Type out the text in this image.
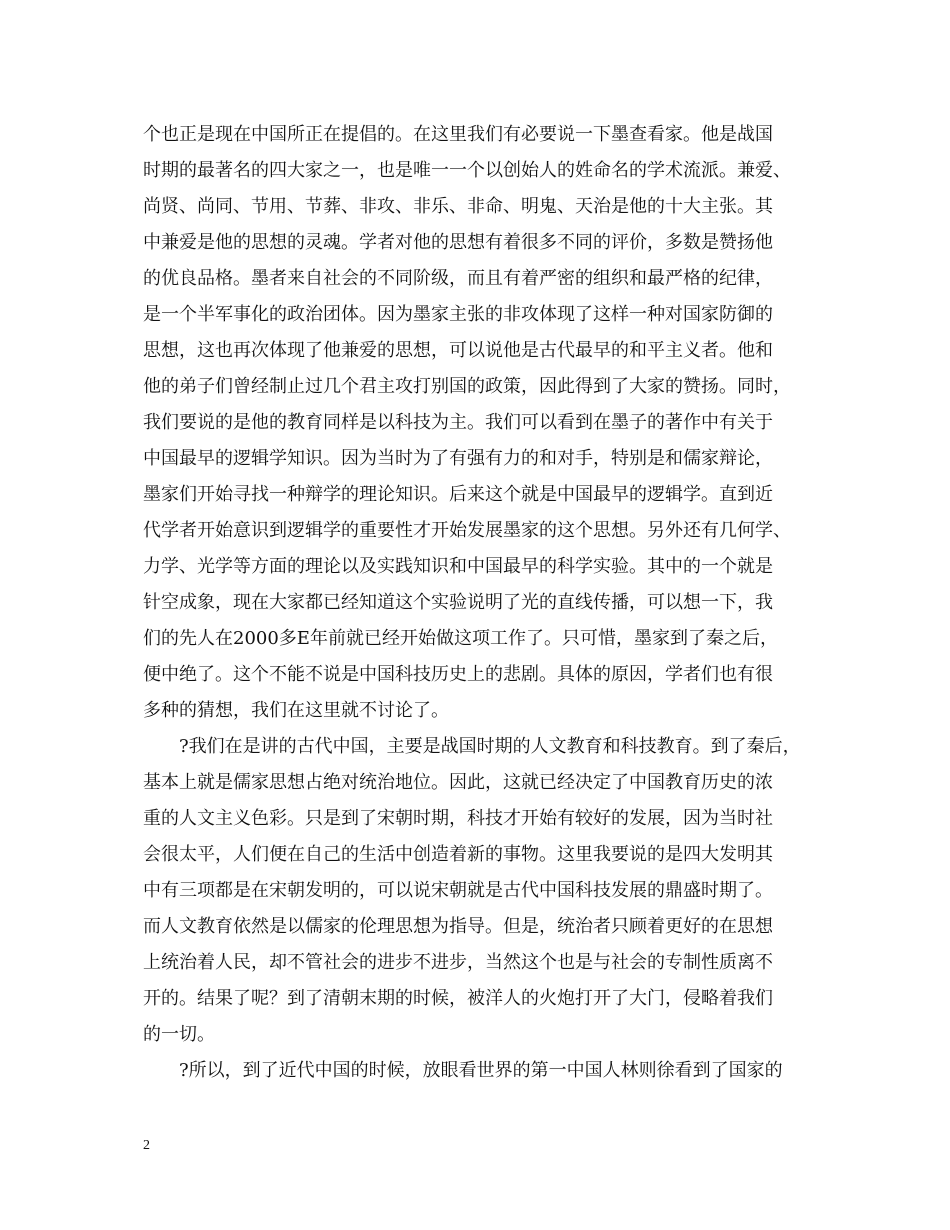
个也正是现在中国所正在提倡的。在这里我们有必要说一下墨查看家。他是战国
时期的最著名的四大家之一，也是唯一一个以创始人的姓命名的学术流派。兼爱、
尚贤、尚同、节用、节葬、非攻、非乐、非命、明鬼、天治是他的十大主张。其
中兼爱是他的思想的灵魂。学者对他的思想有着很多不同的评价，多数是赞扬他
的优良品格。墨者来自社会的不同阶级，而且有着严密的组织和最严格的纪律，
是一个半军事化的政治团体。因为墨家主张的非攻体现了这样一种对国家防御的
思想，这也再次体现了他兼爱的思想，可以说他是古代最早的和平主义者。他和
他的弟子们曾经制止过几个君主攻打别国的政策，因此得到了大家的赞扬。同时，
我们要说的是他的教育同样是以科技为主。我们可以看到在墨子的著作中有关于
中国最早的逻辑学知识。因为当时为了有强有力的和对手，特别是和儒家辩论，
墨家们开始寻找一种辩学的理论知识。后来这个就是中国最早的逻辑学。直到近
代学者开始意识到逻辑学的重要性才开始发展墨家的这个思想。另外还有几何学、
力学、光学等方面的理论以及实践知识和中国最早的科学实验。其中的一个就是
针空成象，现在大家都已经知道这个实验说明了光的直线传播，可以想一下，我
们的先人在2000多E年前就已经开始做这项工作了。只可惜，墨家到了秦之后，
便中绝了。这个不能不说是中国科技历史上的悲剧。具体的原因，学者们也有很
多种的猜想，我们在这里就不讨论了。
　　?我们在是讲的古代中国，主要是战国时期的人文教育和科技教育。到了秦后，
基本上就是儒家思想占绝对统治地位。因此，这就已经决定了中国教育历史的浓
重的人文主义色彩。只是到了宋朝时期，科技才开始有较好的发展，因为当时社
会很太平，人们便在自己的生活中创造着新的事物。这里我要说的是四大发明其
中有三项都是在宋朝发明的，可以说宋朝就是古代中国科技发展的鼎盛时期了。
而人文教育依然是以儒家的伦理思想为指导。但是，统治者只顾着更好的在思想
上统治着人民，却不管社会的进步不进步，当然这个也是与社会的专制性质离不
开的。结果了呢？到了清朝末期的时候，被洋人的火炮打开了大门，侵略着我们
的一切。
　　?所以，到了近代中国的时候，放眼看世界的第一中国人林则徐看到了国家的
2
